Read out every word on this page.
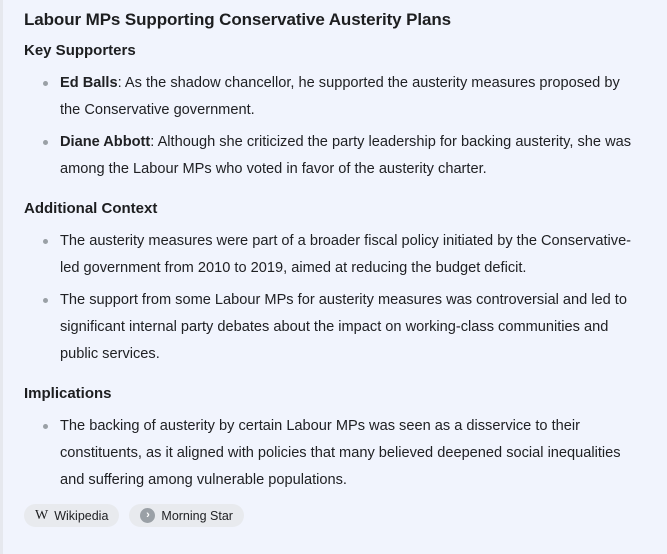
Labour MPs Supporting Conservative Austerity Plans
Key Supporters
Ed Balls: As the shadow chancellor, he supported the austerity measures proposed by the Conservative government.
Diane Abbott: Although she criticized the party leadership for backing austerity, she was among the Labour MPs who voted in favor of the austerity charter.
Additional Context
The austerity measures were part of a broader fiscal policy initiated by the Conservative-led government from 2010 to 2019, aimed at reducing the budget deficit.
The support from some Labour MPs for austerity measures was controversial and led to significant internal party debates about the impact on working-class communities and public services.
Implications
The backing of austerity by certain Labour MPs was seen as a disservice to their constituents, as it aligned with policies that many believed deepened social inequalities and suffering among vulnerable populations.
W Wikipedia	› Morning Star
